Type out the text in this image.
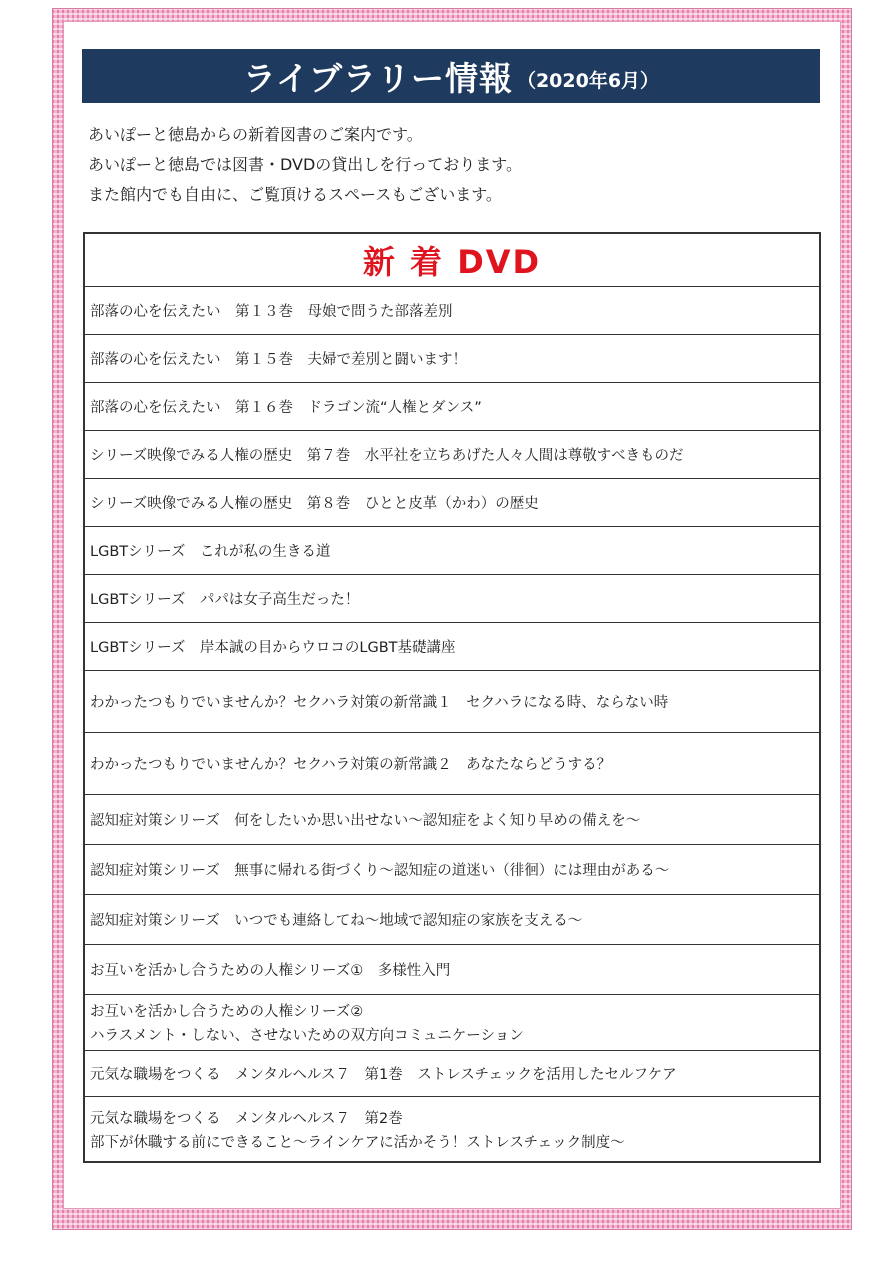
ライブラリー情報 （2020年6月）
あいぽーと徳島からの新着図書のご案内です。
あいぽーと徳島では図書・DVDの貸出しを行っております。
また館内でも自由に、ご覧頂けるスペースもございます。
新 着 DVD
部落の心を伝えたい　第１３巻　母娘で問うた部落差別
部落の心を伝えたい　第１５巻　夫婦で差別と闘います！
部落の心を伝えたい　第１６巻　ドラゴン流“人権とダンス”
シリーズ映像でみる人権の歴史　第７巻　水平社を立ちあげた人々人間は尊敬すべきものだ
シリーズ映像でみる人権の歴史　第８巻　ひとと皮革（かわ）の歴史
LGBTシリーズ　これが私の生きる道
LGBTシリーズ　パパは女子高生だった！
LGBTシリーズ　岸本誠の目からウロコのLGBT基礎講座
わかったつもりでいませんか？セクハラ対策の新常識１　セクハラになる時、ならない時
わかったつもりでいませんか？セクハラ対策の新常識２　あなたならどうする？
認知症対策シリーズ　何をしたいか思い出せない～認知症をよく知り早めの備えを～
認知症対策シリーズ　無事に帰れる街づくり～認知症の道迷い（徘徊）には理由がある～
認知症対策シリーズ　いつでも連絡してね～地域で認知症の家族を支える～
お互いを活かし合うための人権シリーズ①　多様性入門
お互いを活かし合うための人権シリーズ②
ハラスメント・しない、させないための双方向コミュニケーション
元気な職場をつくる　メンタルヘルス７　第1巻　ストレスチェックを活用したセルフケア
元気な職場をつくる　メンタルヘルス７　第2巻
部下が休職する前にできること～ラインケアに活かそう！ストレスチェック制度～
